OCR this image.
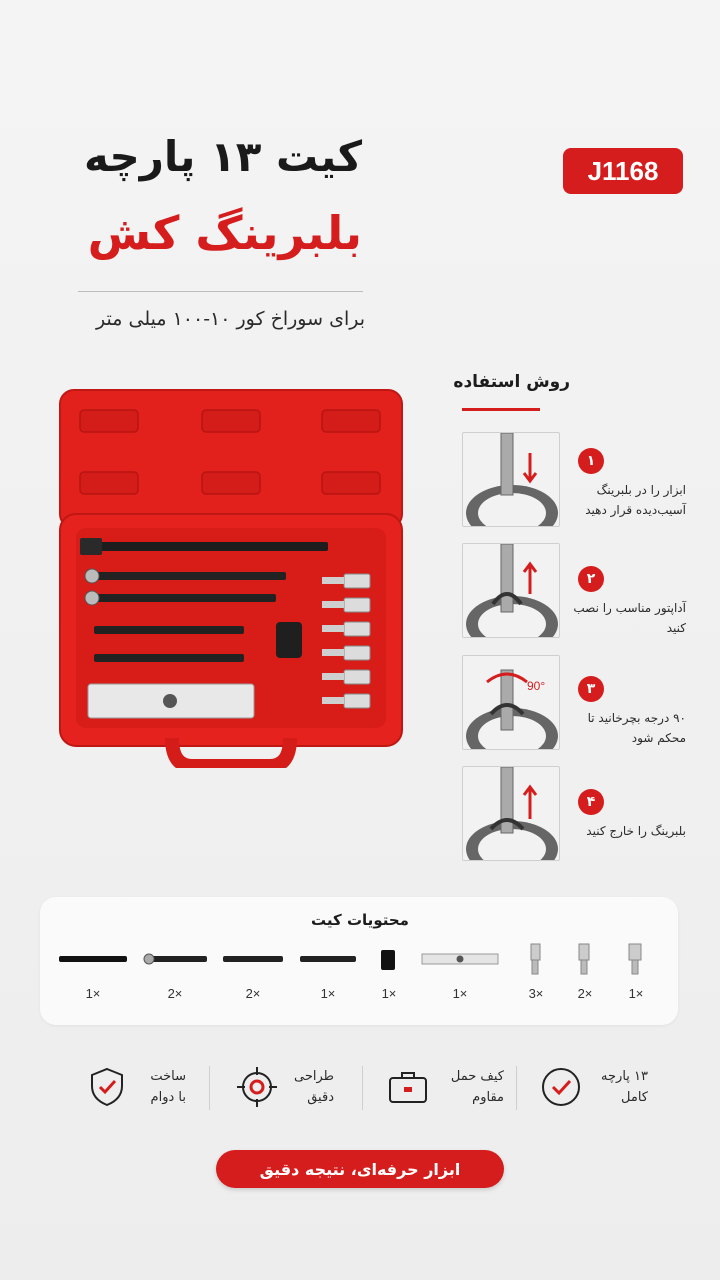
کیت ۱۳ پارچه
بلبرینگ کش
برای سوراخ کور ۱۰-۱۰۰ میلی متر
J1168
روش استفاده
۱
ابزار را در بلبرینگ آسیب‌دیده قرار دهید
۲
آداپتور مناسب را نصب کنید
90°	۳
۹۰ درجه بچرخانید تا محکم شود
۴
بلبرینگ را خارج کنید
محتویات کیت
1×
2×
3×
1×
1×
1×
2×
2×
1×
۱۳ پارچه
کامل
کیف حمل
مقاوم
طراحی
دقیق
ساخت
با دوام
ابزار حرفه‌ای، نتیجه دقیق
